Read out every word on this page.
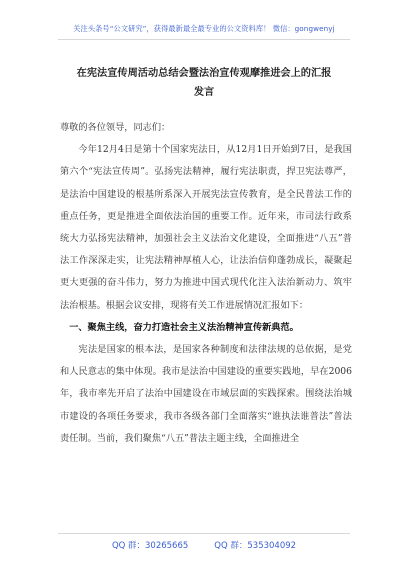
关注头条号“公文研究”，获得最新最全最专业的公文资料库！ 微信：gongwenyj
在宪法宣传周活动总结会暨法治宣传观摩推进会上的汇报
发言

尊敬的各位领导，同志们：

今年12月4日是第十个国家宪法日，从12月1日开始到7日，是我国第六个“宪法宣传周”。弘扬宪法精神，履行宪法职责，捍卫宪法尊严，是法治中国建设的根基所系深入开展宪法宣传教育，是全民普法工作的重点任务，更是推进全面依法治国的重要工作。近年来，市司法行政系统大力弘扬宪法精神，加强社会主义法治文化建设，全面推进“八五”普法工作深深走实，让宪法精神厚植人心，让法治信仰蓬勃成长，凝聚起更大更强的奋斗伟力，努力为推进中国式现代化注入法治新动力、筑牢法治根基。根据会议安排，现将有关工作进展情况汇报如下：

一、聚焦主线，奋力打造社会主义法治精神宣传新典范。

宪法是国家的根本法，是国家各种制度和法律法规的总依据，是党和人民意志的集中体现。我市是法治中国建设的重要实践地，早在2006年，我市率先开启了法治中国建设在市域层面的实践探索。围绕法治城市建设的各项任务要求，我市各级各部门全面落实“谁执法谁普法”普法责任制。当前，我们聚焦“八五”普法主题主线，全面推进全

QQ 群：30265665	QQ 群：535304092
